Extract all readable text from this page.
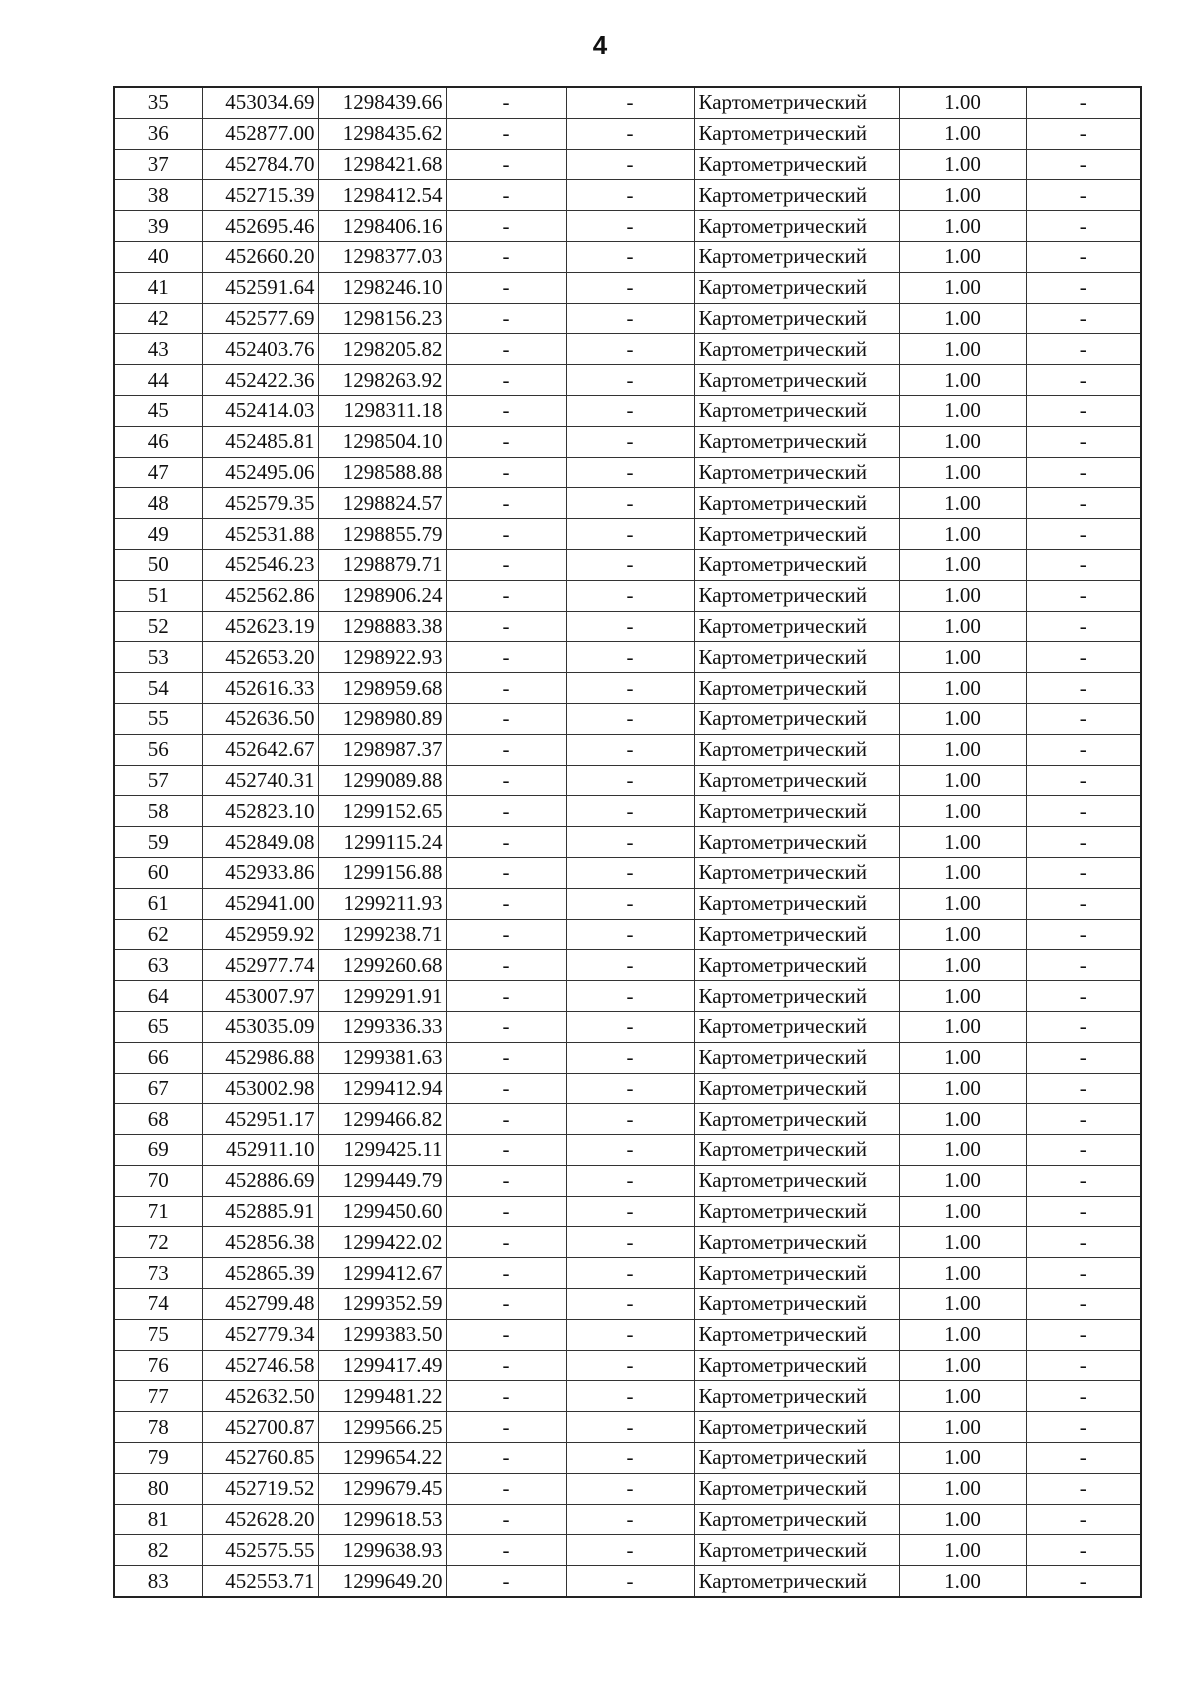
4
35	453034.69	1298439.66	-	-	Картометрический	1.00	-
36	452877.00	1298435.62	-	-	Картометрический	1.00	-
37	452784.70	1298421.68	-	-	Картометрический	1.00	-
38	452715.39	1298412.54	-	-	Картометрический	1.00	-
39	452695.46	1298406.16	-	-	Картометрический	1.00	-
40	452660.20	1298377.03	-	-	Картометрический	1.00	-
41	452591.64	1298246.10	-	-	Картометрический	1.00	-
42	452577.69	1298156.23	-	-	Картометрический	1.00	-
43	452403.76	1298205.82	-	-	Картометрический	1.00	-
44	452422.36	1298263.92	-	-	Картометрический	1.00	-
45	452414.03	1298311.18	-	-	Картометрический	1.00	-
46	452485.81	1298504.10	-	-	Картометрический	1.00	-
47	452495.06	1298588.88	-	-	Картометрический	1.00	-
48	452579.35	1298824.57	-	-	Картометрический	1.00	-
49	452531.88	1298855.79	-	-	Картометрический	1.00	-
50	452546.23	1298879.71	-	-	Картометрический	1.00	-
51	452562.86	1298906.24	-	-	Картометрический	1.00	-
52	452623.19	1298883.38	-	-	Картометрический	1.00	-
53	452653.20	1298922.93	-	-	Картометрический	1.00	-
54	452616.33	1298959.68	-	-	Картометрический	1.00	-
55	452636.50	1298980.89	-	-	Картометрический	1.00	-
56	452642.67	1298987.37	-	-	Картометрический	1.00	-
57	452740.31	1299089.88	-	-	Картометрический	1.00	-
58	452823.10	1299152.65	-	-	Картометрический	1.00	-
59	452849.08	1299115.24	-	-	Картометрический	1.00	-
60	452933.86	1299156.88	-	-	Картометрический	1.00	-
61	452941.00	1299211.93	-	-	Картометрический	1.00	-
62	452959.92	1299238.71	-	-	Картометрический	1.00	-
63	452977.74	1299260.68	-	-	Картометрический	1.00	-
64	453007.97	1299291.91	-	-	Картометрический	1.00	-
65	453035.09	1299336.33	-	-	Картометрический	1.00	-
66	452986.88	1299381.63	-	-	Картометрический	1.00	-
67	453002.98	1299412.94	-	-	Картометрический	1.00	-
68	452951.17	1299466.82	-	-	Картометрический	1.00	-
69	452911.10	1299425.11	-	-	Картометрический	1.00	-
70	452886.69	1299449.79	-	-	Картометрический	1.00	-
71	452885.91	1299450.60	-	-	Картометрический	1.00	-
72	452856.38	1299422.02	-	-	Картометрический	1.00	-
73	452865.39	1299412.67	-	-	Картометрический	1.00	-
74	452799.48	1299352.59	-	-	Картометрический	1.00	-
75	452779.34	1299383.50	-	-	Картометрический	1.00	-
76	452746.58	1299417.49	-	-	Картометрический	1.00	-
77	452632.50	1299481.22	-	-	Картометрический	1.00	-
78	452700.87	1299566.25	-	-	Картометрический	1.00	-
79	452760.85	1299654.22	-	-	Картометрический	1.00	-
80	452719.52	1299679.45	-	-	Картометрический	1.00	-
81	452628.20	1299618.53	-	-	Картометрический	1.00	-
82	452575.55	1299638.93	-	-	Картометрический	1.00	-
83	452553.71	1299649.20	-	-	Картометрический	1.00	-
